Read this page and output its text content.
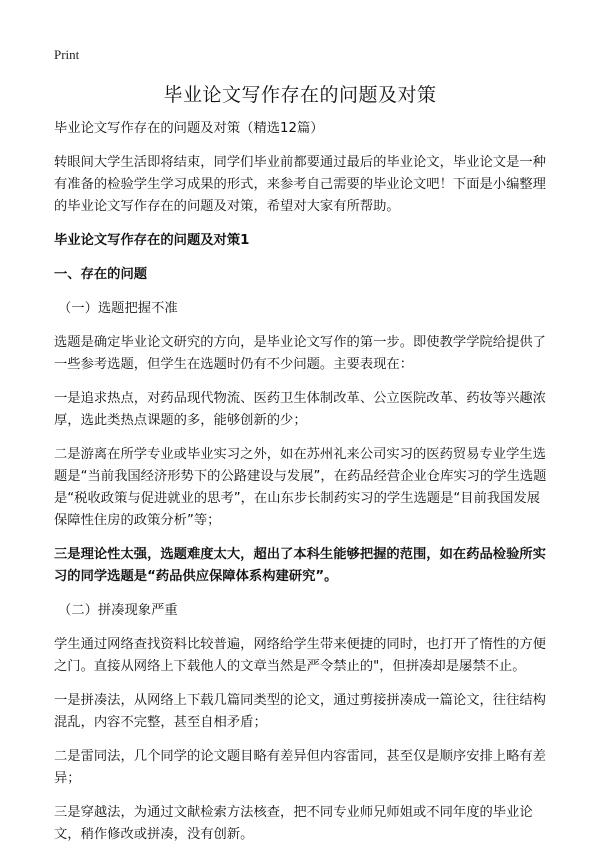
Print
毕业论文写作存在的问题及对策

毕业论文写作存在的问题及对策（精选12篇）

转眼间大学生活即将结束，同学们毕业前都要通过最后的毕业论文，毕业论文是一种有准备的检验学生学习成果的形式，来参考自己需要的毕业论文吧！下面是小编整理的毕业论文写作存在的问题及对策，希望对大家有所帮助。

毕业论文写作存在的问题及对策1

一、存在的问题

（一）选题把握不准

选题是确定毕业论文研究的方向，是毕业论文写作的第一步。即使教学学院给提供了一些参考选题，但学生在选题时仍有不少问题。主要表现在：

一是追求热点，对药品现代物流、医药卫生体制改革、公立医院改革、药妆等兴趣浓厚，选此类热点课题的多，能够创新的少；

二是游离在所学专业或毕业实习之外，如在苏州礼来公司实习的医药贸易专业学生选题是“当前我国经济形势下的公路建设与发展”，在药品经营企业仓库实习的学生选题是“税收政策与促进就业的思考”，在山东步长制药实习的学生选题是“目前我国发展保障性住房的政策分析”等；

三是理论性太强，选题难度太大，超出了本科生能够把握的范围，如在药品检验所实习的同学选题是“药品供应保障体系构建研究”。

（二）拼凑现象严重

学生通过网络查找资料比较普遍，网络给学生带来便捷的同时，也打开了惰性的方便之门。直接从网络上下载他人的文章当然是严令禁止的"，但拼凑却是屡禁不止。

一是拼凑法，从网络上下载几篇同类型的论文，通过剪接拼凑成一篇论文，往往结构混乱，内容不完整，甚至自相矛盾；

二是雷同法，几个同学的论文题目略有差异但内容雷同，甚至仅是顺序安排上略有差异；

三是穿越法，为通过文献检索方法核查，把不同专业师兄师姐或不同年度的毕业论文，稍作修改或拼凑，没有创新。
